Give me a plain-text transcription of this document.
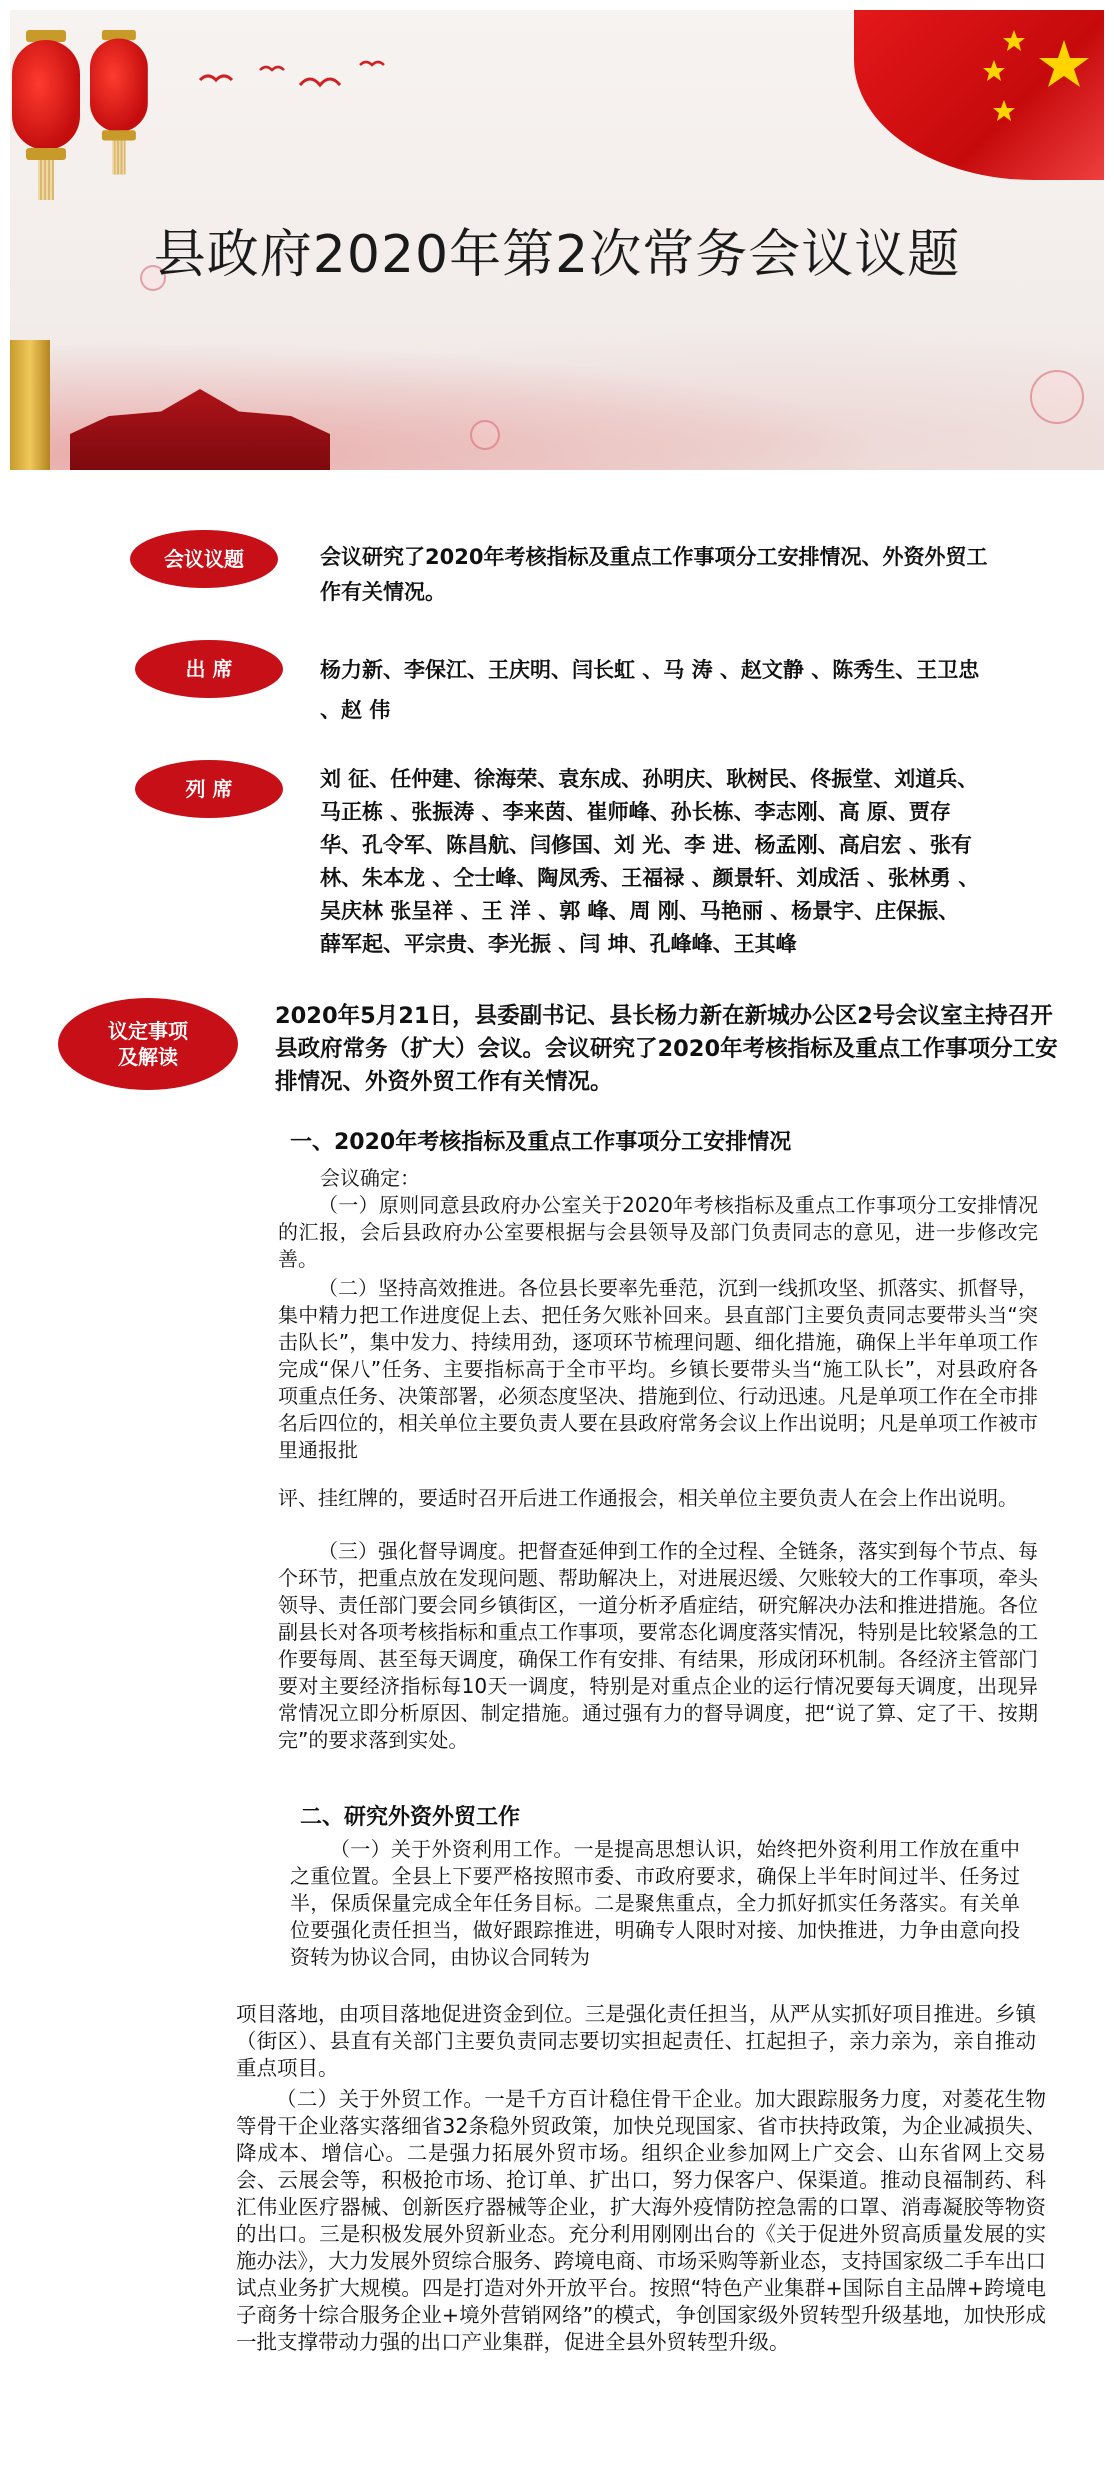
县政府2020年第2次常务会议议题
会议议题	会议研究了2020年考核指标及重点工作事项分工安排情况、外资外贸工作有关情况。
出 席	杨力新、李保江、王庆明、闫长虹 、马 涛 、赵文静 、陈秀生、王卫忠 、赵 伟
列 席	刘 征、任仲建、徐海荣、袁东成、孙明庆、耿树民、佟振堂、刘道兵、 马正栋 、张振涛 、李来茵、崔师峰、孙长栋、李志刚、高 原、贾存华、孔令军、陈昌航、闫修国、刘 光、李 进、杨孟刚、高启宏 、张有林、朱本龙 、仝士峰、陶凤秀、王福禄 、颜景轩、刘成活 、张林勇 、吴庆林 张呈祥 、王 洋 、郭 峰、周 刚、马艳丽 、杨景宇、庄保振、薛军起、平宗贵、李光振 、闫 坤、孔峰峰、王其峰
议定事项
及解读
2020年5月21日，县委副书记、县长杨力新在新城办公区2号会议室主持召开县政府常务（扩大）会议。会议研究了2020年考核指标及重点工作事项分工安排情况、外资外贸工作有关情况。
一、2020年考核指标及重点工作事项分工安排情况
会议确定：
（一）原则同意县政府办公室关于2020年考核指标及重点工作事项分工安排情况的汇报，会后县政府办公室要根据与会县领导及部门负责同志的意见，进一步修改完善。
（二）坚持高效推进。各位县长要率先垂范，沉到一线抓攻坚、抓落实、抓督导，集中精力把工作进度促上去、把任务欠账补回来。县直部门主要负责同志要带头当“突击队长”，集中发力、持续用劲，逐项环节梳理问题、细化措施，确保上半年单项工作完成“保八”任务、主要指标高于全市平均。乡镇长要带头当“施工队长”，对县政府各项重点任务、决策部署，必须态度坚决、措施到位、行动迅速。凡是单项工作在全市排名后四位的，相关单位主要负责人要在县政府常务会议上作出说明；凡是单项工作被市里通报批
评、挂红牌的，要适时召开后进工作通报会，相关单位主要负责人在会上作出说明。
（三）强化督导调度。把督查延伸到工作的全过程、全链条，落实到每个节点、每个环节，把重点放在发现问题、帮助解决上，对进展迟缓、欠账较大的工作事项，牵头领导、责任部门要会同乡镇街区，一道分析矛盾症结，研究解决办法和推进措施。各位副县长对各项考核指标和重点工作事项，要常态化调度落实情况，特别是比较紧急的工作要每周、甚至每天调度，确保工作有安排、有结果，形成闭环机制。各经济主管部门要对主要经济指标每10天一调度，特别是对重点企业的运行情况要每天调度，出现异常情况立即分析原因、制定措施。通过强有力的督导调度，把“说了算、定了干、按期完”的要求落到实处。
二、研究外资外贸工作
（一）关于外资利用工作。一是提高思想认识，始终把外资利用工作放在重中之重位置。全县上下要严格按照市委、市政府要求，确保上半年时间过半、任务过半，保质保量完成全年任务目标。二是聚焦重点，全力抓好抓实任务落实。有关单位要强化责任担当，做好跟踪推进，明确专人限时对接、加快推进，力争由意向投资转为协议合同，由协议合同转为
项目落地，由项目落地促进资金到位。三是强化责任担当，从严从实抓好项目推进。乡镇（街区）、县直有关部门主要负责同志要切实担起责任、扛起担子，亲力亲为，亲自推动重点项目。
（二）关于外贸工作。一是千方百计稳住骨干企业。加大跟踪服务力度，对菱花生物等骨干企业落实落细省32条稳外贸政策，加快兑现国家、省市扶持政策，为企业减损失、降成本、增信心。二是强力拓展外贸市场。组织企业参加网上广交会、山东省网上交易会、云展会等，积极抢市场、抢订单、扩出口，努力保客户、保渠道。推动良福制药、科汇伟业医疗器械、创新医疗器械等企业，扩大海外疫情防控急需的口罩、消毒凝胶等物资的出口。三是积极发展外贸新业态。充分利用刚刚出台的《关于促进外贸高质量发展的实施办法》，大力发展外贸综合服务、跨境电商、市场采购等新业态，支持国家级二手车出口试点业务扩大规模。四是打造对外开放平台。按照“特色产业集群+国际自主品牌+跨境电子商务十综合服务企业+境外营销网络”的模式，争创国家级外贸转型升级基地，加快形成一批支撑带动力强的出口产业集群，促进全县外贸转型升级。
